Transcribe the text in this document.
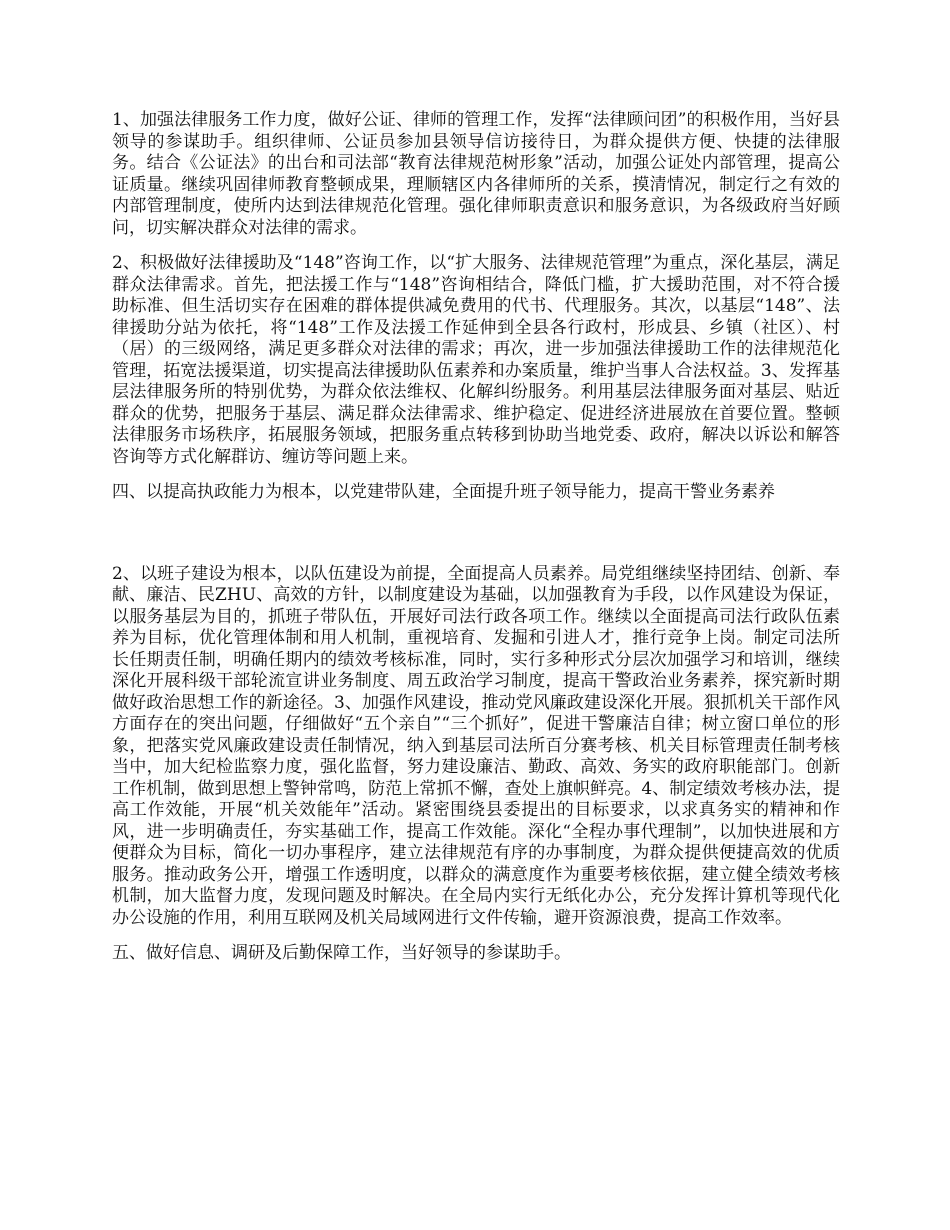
1、加强法律服务工作力度，做好公证、律师的管理工作，发挥“法律顾问团”的积极作用，当好县领导的参谋助手。组织律师、公证员参加县领导信访接待日，为群众提供方便、快捷的法律服务。结合《公证法》的出台和司法部“教育法律规范树形象”活动，加强公证处内部管理，提高公证质量。继续巩固律师教育整顿成果，理顺辖区内各律师所的关系，摸清情况，制定行之有效的内部管理制度，使所内达到法律规范化管理。强化律师职责意识和服务意识，为各级政府当好顾问，切实解决群众对法律的需求。

2、积极做好法律援助及“148”咨询工作，以“扩大服务、法律规范管理”为重点，深化基层，满足群众法律需求。首先，把法援工作与“148”咨询相结合，降低门槛，扩大援助范围，对不符合援助标准、但生活切实存在困难的群体提供减免费用的代书、代理服务。其次，以基层“148”、法律援助分站为依托，将“148”工作及法援工作延伸到全县各行政村，形成县、乡镇（社区）、村（居）的三级网络，满足更多群众对法律的需求；再次，进一步加强法律援助工作的法律规范化管理，拓宽法援渠道，切实提高法律援助队伍素养和办案质量，维护当事人合法权益。3、发挥基层法律服务所的特别优势，为群众依法维权、化解纠纷服务。利用基层法律服务面对基层、贴近群众的优势，把服务于基层、满足群众法律需求、维护稳定、促进经济进展放在首要位置。整顿法律服务市场秩序，拓展服务领域，把服务重点转移到协助当地党委、政府，解决以诉讼和解答咨询等方式化解群访、缠访等问题上来。

四、以提高执政能力为根本，以党建带队建，全面提升班子领导能力，提高干警业务素养

2、以班子建设为根本，以队伍建设为前提，全面提高人员素养。局党组继续坚持团结、创新、奉献、廉洁、民ZHU、高效的方针，以制度建设为基础，以加强教育为手段，以作风建设为保证，以服务基层为目的，抓班子带队伍，开展好司法行政各项工作。继续以全面提高司法行政队伍素养为目标，优化管理体制和用人机制，重视培育、发掘和引进人才，推行竞争上岗。制定司法所长任期责任制，明确任期内的绩效考核标准，同时，实行多种形式分层次加强学习和培训，继续深化开展科级干部轮流宣讲业务制度、周五政治学习制度，提高干警政治业务素养，探究新时期做好政治思想工作的新途径。3、加强作风建设，推动党风廉政建设深化开展。狠抓机关干部作风方面存在的突出问题，仔细做好“五个亲自”“三个抓好”，促进干警廉洁自律；树立窗口单位的形象，把落实党风廉政建设责任制情况，纳入到基层司法所百分赛考核、机关目标管理责任制考核当中，加大纪检监察力度，强化监督，努力建设廉洁、勤政、高效、务实的政府职能部门。创新工作机制，做到思想上警钟常鸣，防范上常抓不懈，查处上旗帜鲜亮。4、制定绩效考核办法，提高工作效能，开展“机关效能年”活动。紧密围绕县委提出的目标要求，以求真务实的精神和作风，进一步明确责任，夯实基础工作，提高工作效能。深化“全程办事代理制”，以加快进展和方便群众为目标，简化一切办事程序，建立法律规范有序的办事制度，为群众提供便捷高效的优质服务。推动政务公开，增强工作透明度，以群众的满意度作为重要考核依据，建立健全绩效考核机制，加大监督力度，发现问题及时解决。在全局内实行无纸化办公，充分发挥计算机等现代化办公设施的作用，利用互联网及机关局域网进行文件传输，避开资源浪费，提高工作效率。

五、做好信息、调研及后勤保障工作，当好领导的参谋助手。
